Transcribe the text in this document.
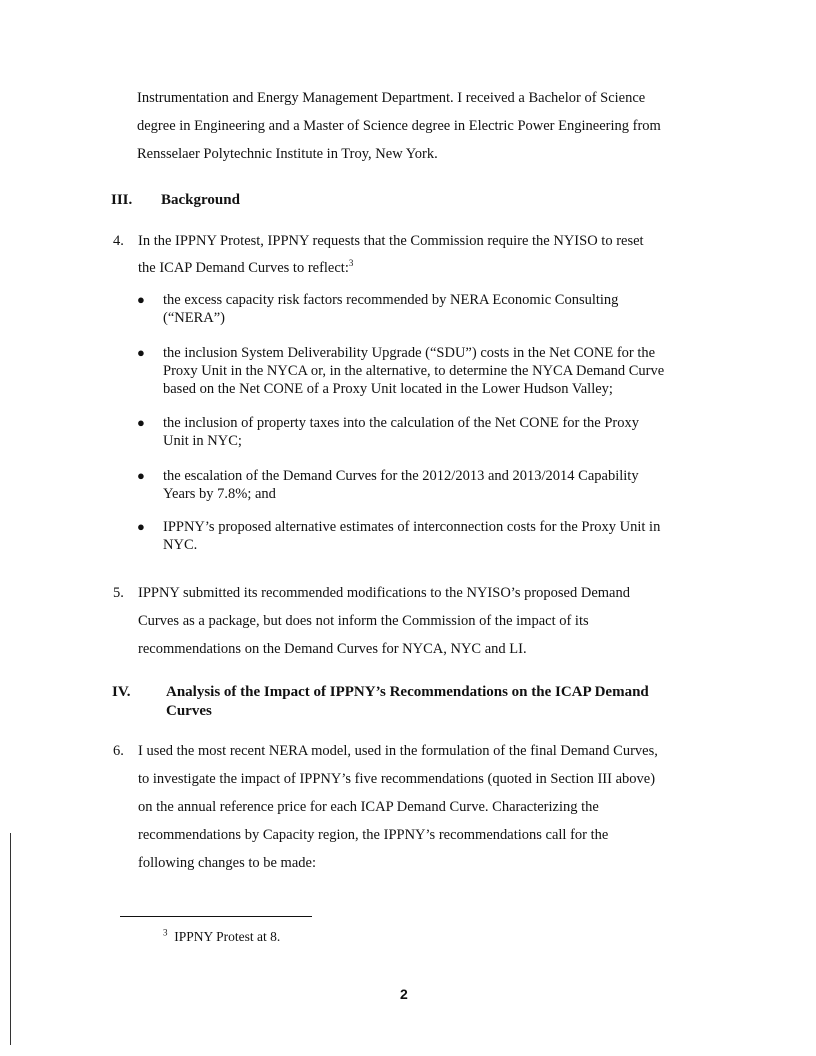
Instrumentation and Energy Management Department. I received a Bachelor of Science
degree in Engineering and a Master of Science degree in Electric Power Engineering from
Rensselaer Polytechnic Institute in Troy, New York.
III. Background
4. In the IPPNY Protest, IPPNY requests that the Commission require the NYISO to reset
the ICAP Demand Curves to reflect:$^3$
● the excess capacity risk factors recommended by NERA Economic Consulting
(“NERA”)
● the inclusion System Deliverability Upgrade (“SDU”) costs in the Net CONE for the
Proxy Unit in the NYCA or, in the alternative, to determine the NYCA Demand Curve
based on the Net CONE of a Proxy Unit located in the Lower Hudson Valley;
● the inclusion of property taxes into the calculation of the Net CONE for the Proxy
Unit in NYC;
● the escalation of the Demand Curves for the 2012/2013 and 2013/2014 Capability
Years by 7.8%; and
● IPPNY’s proposed alternative estimates of interconnection costs for the Proxy Unit in
NYC.
5. IPPNY submitted its recommended modifications to the NYISO’s proposed Demand
Curves as a package, but does not inform the Commission of the impact of its
recommendations on the Demand Curves for NYCA, NYC and LI.
IV. Analysis of the Impact of IPPNY’s Recommendations on the ICAP Demand
Curves
6. I used the most recent NERA model, used in the formulation of the final Demand Curves,
to investigate the impact of IPPNY’s five recommendations (quoted in Section III above)
on the annual reference price for each ICAP Demand Curve. Characterizing the
recommendations by Capacity region, the IPPNY’s recommendations call for the
following changes to be made:
$^3$ IPPNY Protest at 8.
2
